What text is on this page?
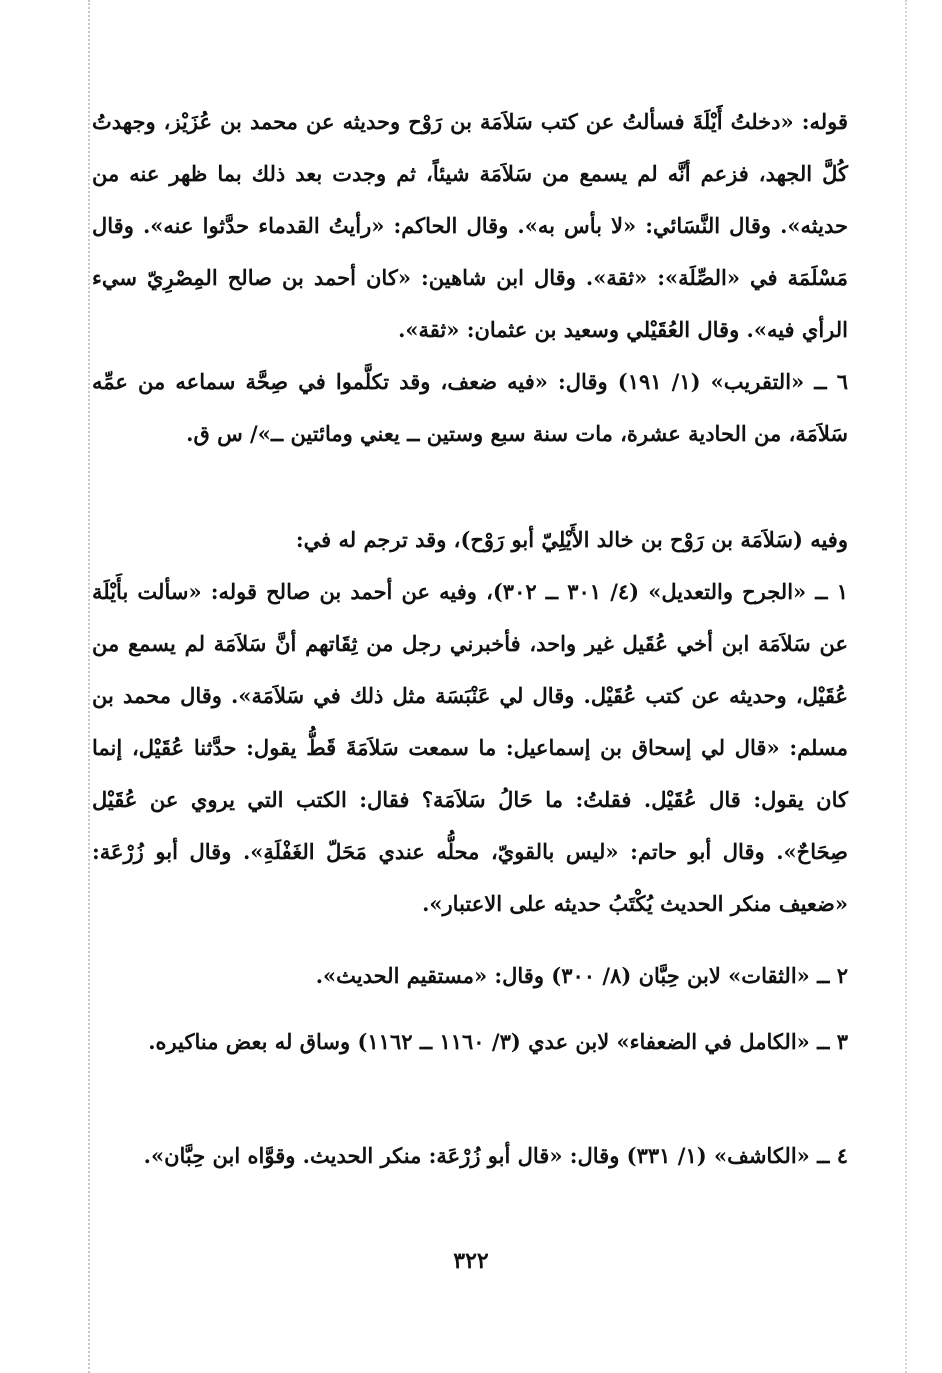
قوله: «دخلتُ أَيْلَةَ فسألتُ عن كتب سَلاَمَة بن رَوْح وحديثه عن محمد بن عُزَيْز، وجهدتُ كُلَّ الجهد، فزعم أنَّه لم يسمع من سَلاَمَة شيئاً، ثم وجدت بعد ذلك بما ظهر عنه من حديثه». وقال النَّسَائي: «لا بأس به». وقال الحاكم: «رأيتُ القدماء حدَّثوا عنه». وقال مَسْلَمَة في «الصِّلَة»: «ثقة». وقال ابن شاهين: «كان أحمد بن صالح المِصْرِيّ سيء الرأي فيه». وقال العُقَيْلي وسعيد بن عثمان: «ثقة».

٦ ــ «التقريب» (١/ ١٩١) وقال: «فيه ضعف، وقد تكلَّموا في صِحَّة سماعه من عمِّه سَلاَمَة، من الحادية عشرة، مات سنة سبع وستين ــ يعني ومائتين ــ»/ س ق.

وفيه (سَلاَمَة بن رَوْح بن خالد الأَيْلِيّ أبو رَوْح)، وقد ترجم له في:

١ ــ «الجرح والتعديل» (٤/ ٣٠١ ــ ٣٠٢)، وفيه عن أحمد بن صالح قوله: «سألت بأَيْلَة عن سَلاَمَة ابن أخي عُقَيل غير واحد، فأخبرني رجل من ثِقَاتهم أنَّ سَلاَمَة لم يسمع من عُقَيْل، وحديثه عن كتب عُقَيْل. وقال لي عَنْبَسَة مثل ذلك في سَلاَمَة». وقال محمد بن مسلم: «قال لي إسحاق بن إسماعيل: ما سمعت سَلاَمَةَ قَطُّ يقول: حدَّثنا عُقَيْل، إنما كان يقول: قال عُقَيْل. فقلتُ: ما حَالُ سَلاَمَة؟ فقال: الكتب التي يروي عن عُقَيْل صِحَاحٌ». وقال أبو حاتم: «ليس بالقويّ، محلُّه عندي مَحَلّ الغَفْلَةِ». وقال أبو زُرْعَة: «ضعيف منكر الحديث يُكْتَبُ حديثه على الاعتبار».

٢ ــ «الثقات» لابن حِبَّان (٨/ ٣٠٠) وقال: «مستقيم الحديث».

٣ ــ «الكامل في الضعفاء» لابن عدي (٣/ ١١٦٠ ــ ١١٦٢) وساق له بعض مناكيره.

٤ ــ «الكاشف» (١/ ٣٣١) وقال: «قال أبو زُرْعَة: منكر الحديث. وقوَّاه ابن حِبَّان».

٣٢٢
